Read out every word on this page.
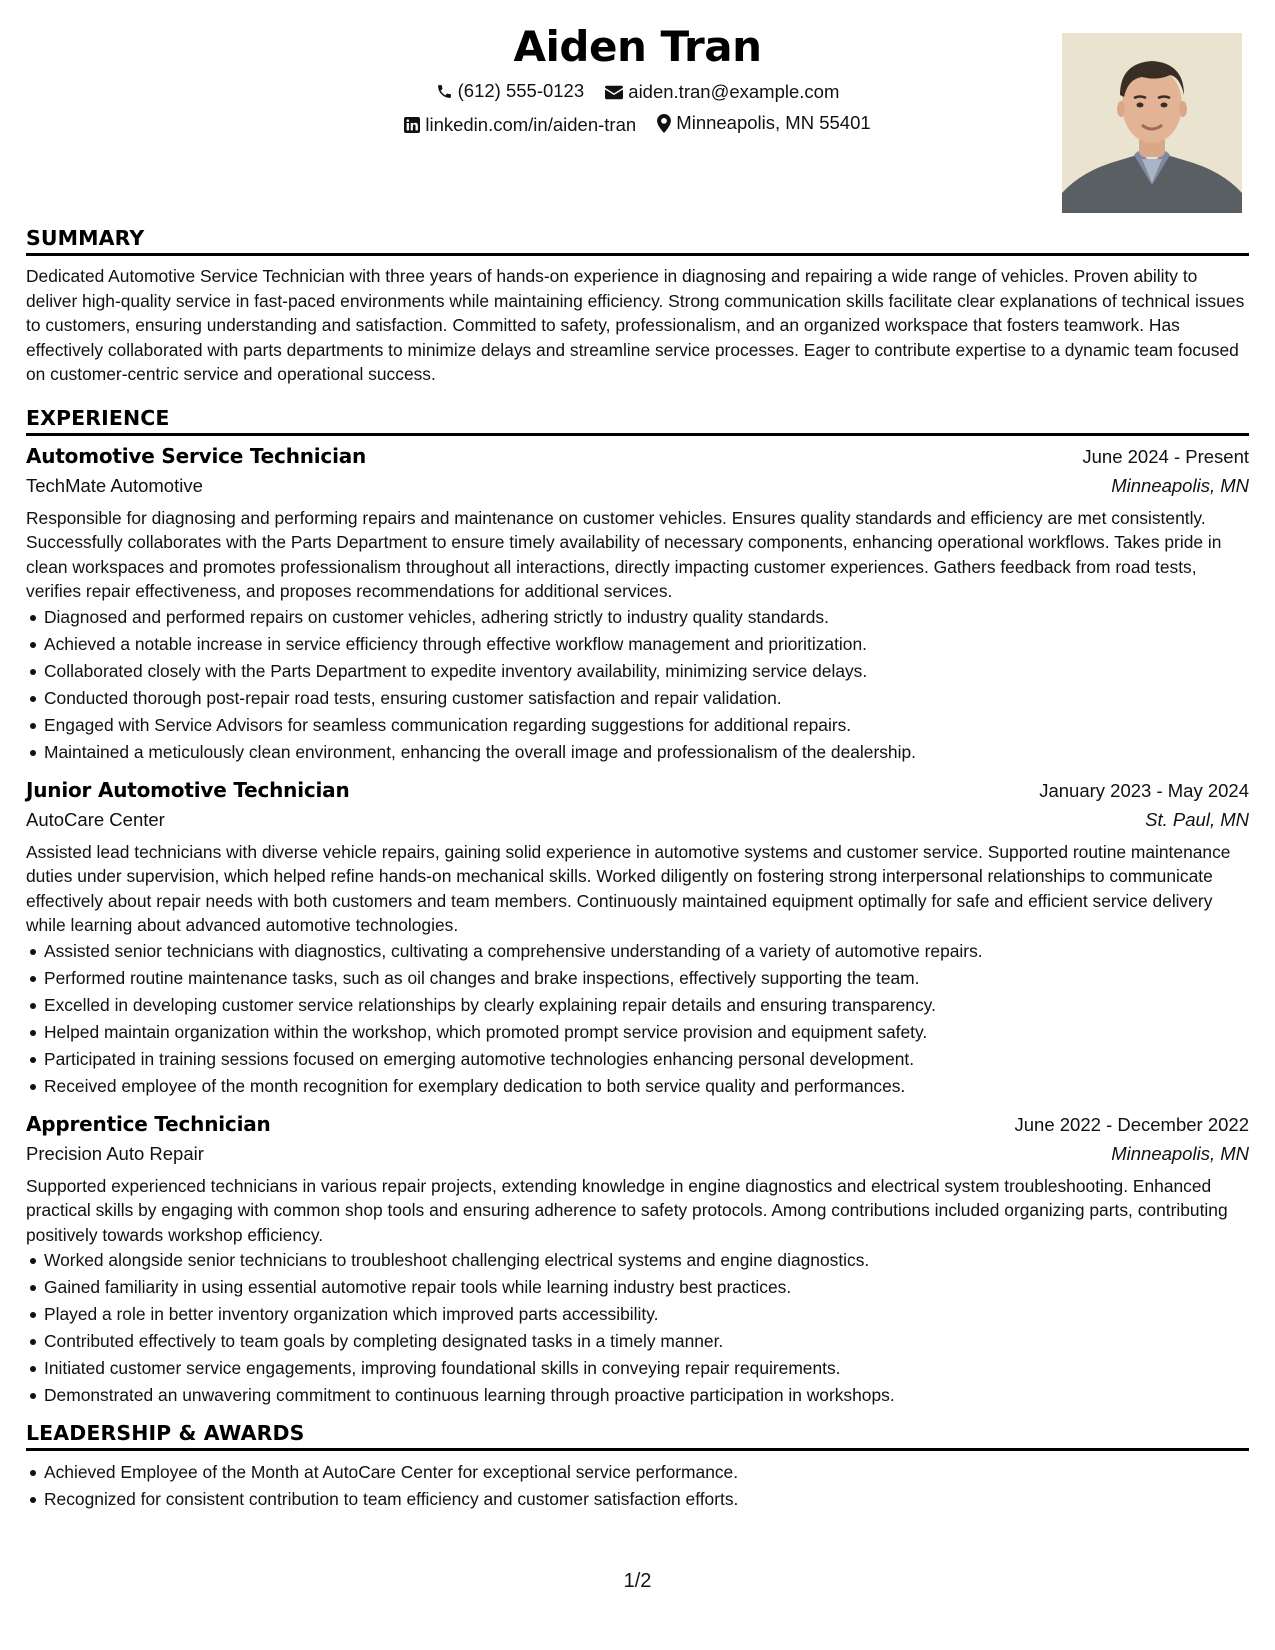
Aiden Tran
(612) 555-0123
aiden.tran@example.com
linkedin.com/in/aiden-tran
Minneapolis, MN 55401
SUMMARY

Dedicated Automotive Service Technician with three years of hands-on experience in diagnosing and repairing a wide range of vehicles. Proven ability to deliver high-quality service in fast-paced environments while maintaining efficiency. Strong communication skills facilitate clear explanations of technical issues to customers, ensuring understanding and satisfaction. Committed to safety, professionalism, and an organized workspace that fosters teamwork. Has effectively collaborated with parts departments to minimize delays and streamline service processes. Eager to contribute expertise to a dynamic team focused on customer-centric service and operational success.

EXPERIENCE
Automotive Service Technician	June 2024 - Present
TechMate Automotive	Minneapolis, MN

Responsible for diagnosing and performing repairs and maintenance on customer vehicles. Ensures quality standards and efficiency are met consistently. Successfully collaborates with the Parts Department to ensure timely availability of necessary components, enhancing operational workflows. Takes pride in clean workspaces and promotes professionalism throughout all interactions, directly impacting customer experiences. Gathers feedback from road tests, verifies repair effectiveness, and proposes recommendations for additional services.

Diagnosed and performed repairs on customer vehicles, adhering strictly to industry quality standards.
Achieved a notable increase in service efficiency through effective workflow management and prioritization.
Collaborated closely with the Parts Department to expedite inventory availability, minimizing service delays.
Conducted thorough post-repair road tests, ensuring customer satisfaction and repair validation.
Engaged with Service Advisors for seamless communication regarding suggestions for additional repairs.
Maintained a meticulously clean environment, enhancing the overall image and professionalism of the dealership.
Junior Automotive Technician	January 2023 - May 2024
AutoCare Center	St. Paul, MN

Assisted lead technicians with diverse vehicle repairs, gaining solid experience in automotive systems and customer service. Supported routine maintenance duties under supervision, which helped refine hands-on mechanical skills. Worked diligently on fostering strong interpersonal relationships to communicate effectively about repair needs with both customers and team members. Continuously maintained equipment optimally for safe and efficient service delivery while learning about advanced automotive technologies.

Assisted senior technicians with diagnostics, cultivating a comprehensive understanding of a variety of automotive repairs.
Performed routine maintenance tasks, such as oil changes and brake inspections, effectively supporting the team.
Excelled in developing customer service relationships by clearly explaining repair details and ensuring transparency.
Helped maintain organization within the workshop, which promoted prompt service provision and equipment safety.
Participated in training sessions focused on emerging automotive technologies enhancing personal development.
Received employee of the month recognition for exemplary dedication to both service quality and performances.
Apprentice Technician	June 2022 - December 2022
Precision Auto Repair	Minneapolis, MN

Supported experienced technicians in various repair projects, extending knowledge in engine diagnostics and electrical system troubleshooting. Enhanced practical skills by engaging with common shop tools and ensuring adherence to safety protocols. Among contributions included organizing parts, contributing positively towards workshop efficiency.

Worked alongside senior technicians to troubleshoot challenging electrical systems and engine diagnostics.
Gained familiarity in using essential automotive repair tools while learning industry best practices.
Played a role in better inventory organization which improved parts accessibility.
Contributed effectively to team goals by completing designated tasks in a timely manner.
Initiated customer service engagements, improving foundational skills in conveying repair requirements.
Demonstrated an unwavering commitment to continuous learning through proactive participation in workshops.
LEADERSHIP & AWARDS
Achieved Employee of the Month at AutoCare Center for exceptional service performance.
Recognized for consistent contribution to team efficiency and customer satisfaction efforts.
1/2
